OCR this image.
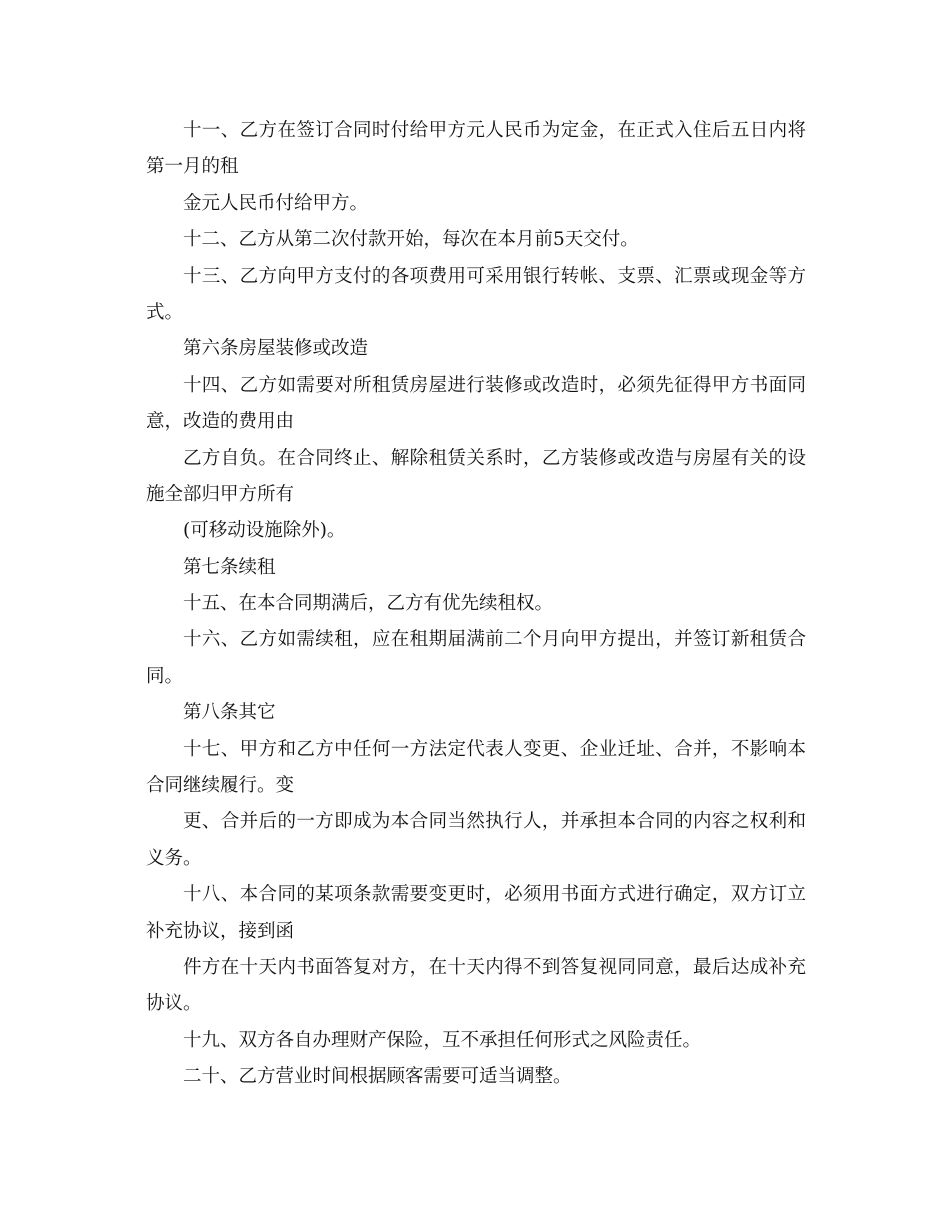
十一、乙方在签订合同时付给甲方元人民币为定金，在正式入住后五日内将
第一月的租
金元人民币付给甲方。
十二、乙方从第二次付款开始，每次在本月前5天交付。
十三、乙方向甲方支付的各项费用可采用银行转帐、支票、汇票或现金等方
式。
第六条房屋装修或改造
十四、乙方如需要对所租赁房屋进行装修或改造时，必须先征得甲方书面同
意，改造的费用由
乙方自负。在合同终止、解除租赁关系时，乙方装修或改造与房屋有关的设
施全部归甲方所有
(可移动设施除外)。
第七条续租
十五、在本合同期满后，乙方有优先续租权。
十六、乙方如需续租，应在租期届满前二个月向甲方提出，并签订新租赁合
同。
第八条其它
十七、甲方和乙方中任何一方法定代表人变更、企业迁址、合并，不影响本
合同继续履行。变
更、合并后的一方即成为本合同当然执行人，并承担本合同的内容之权利和
义务。
十八、本合同的某项条款需要变更时，必须用书面方式进行确定，双方订立
补充协议，接到函
件方在十天内书面答复对方，在十天内得不到答复视同同意，最后达成补充
协议。
十九、双方各自办理财产保险，互不承担任何形式之风险责任。
二十、乙方营业时间根据顾客需要可适当调整。
